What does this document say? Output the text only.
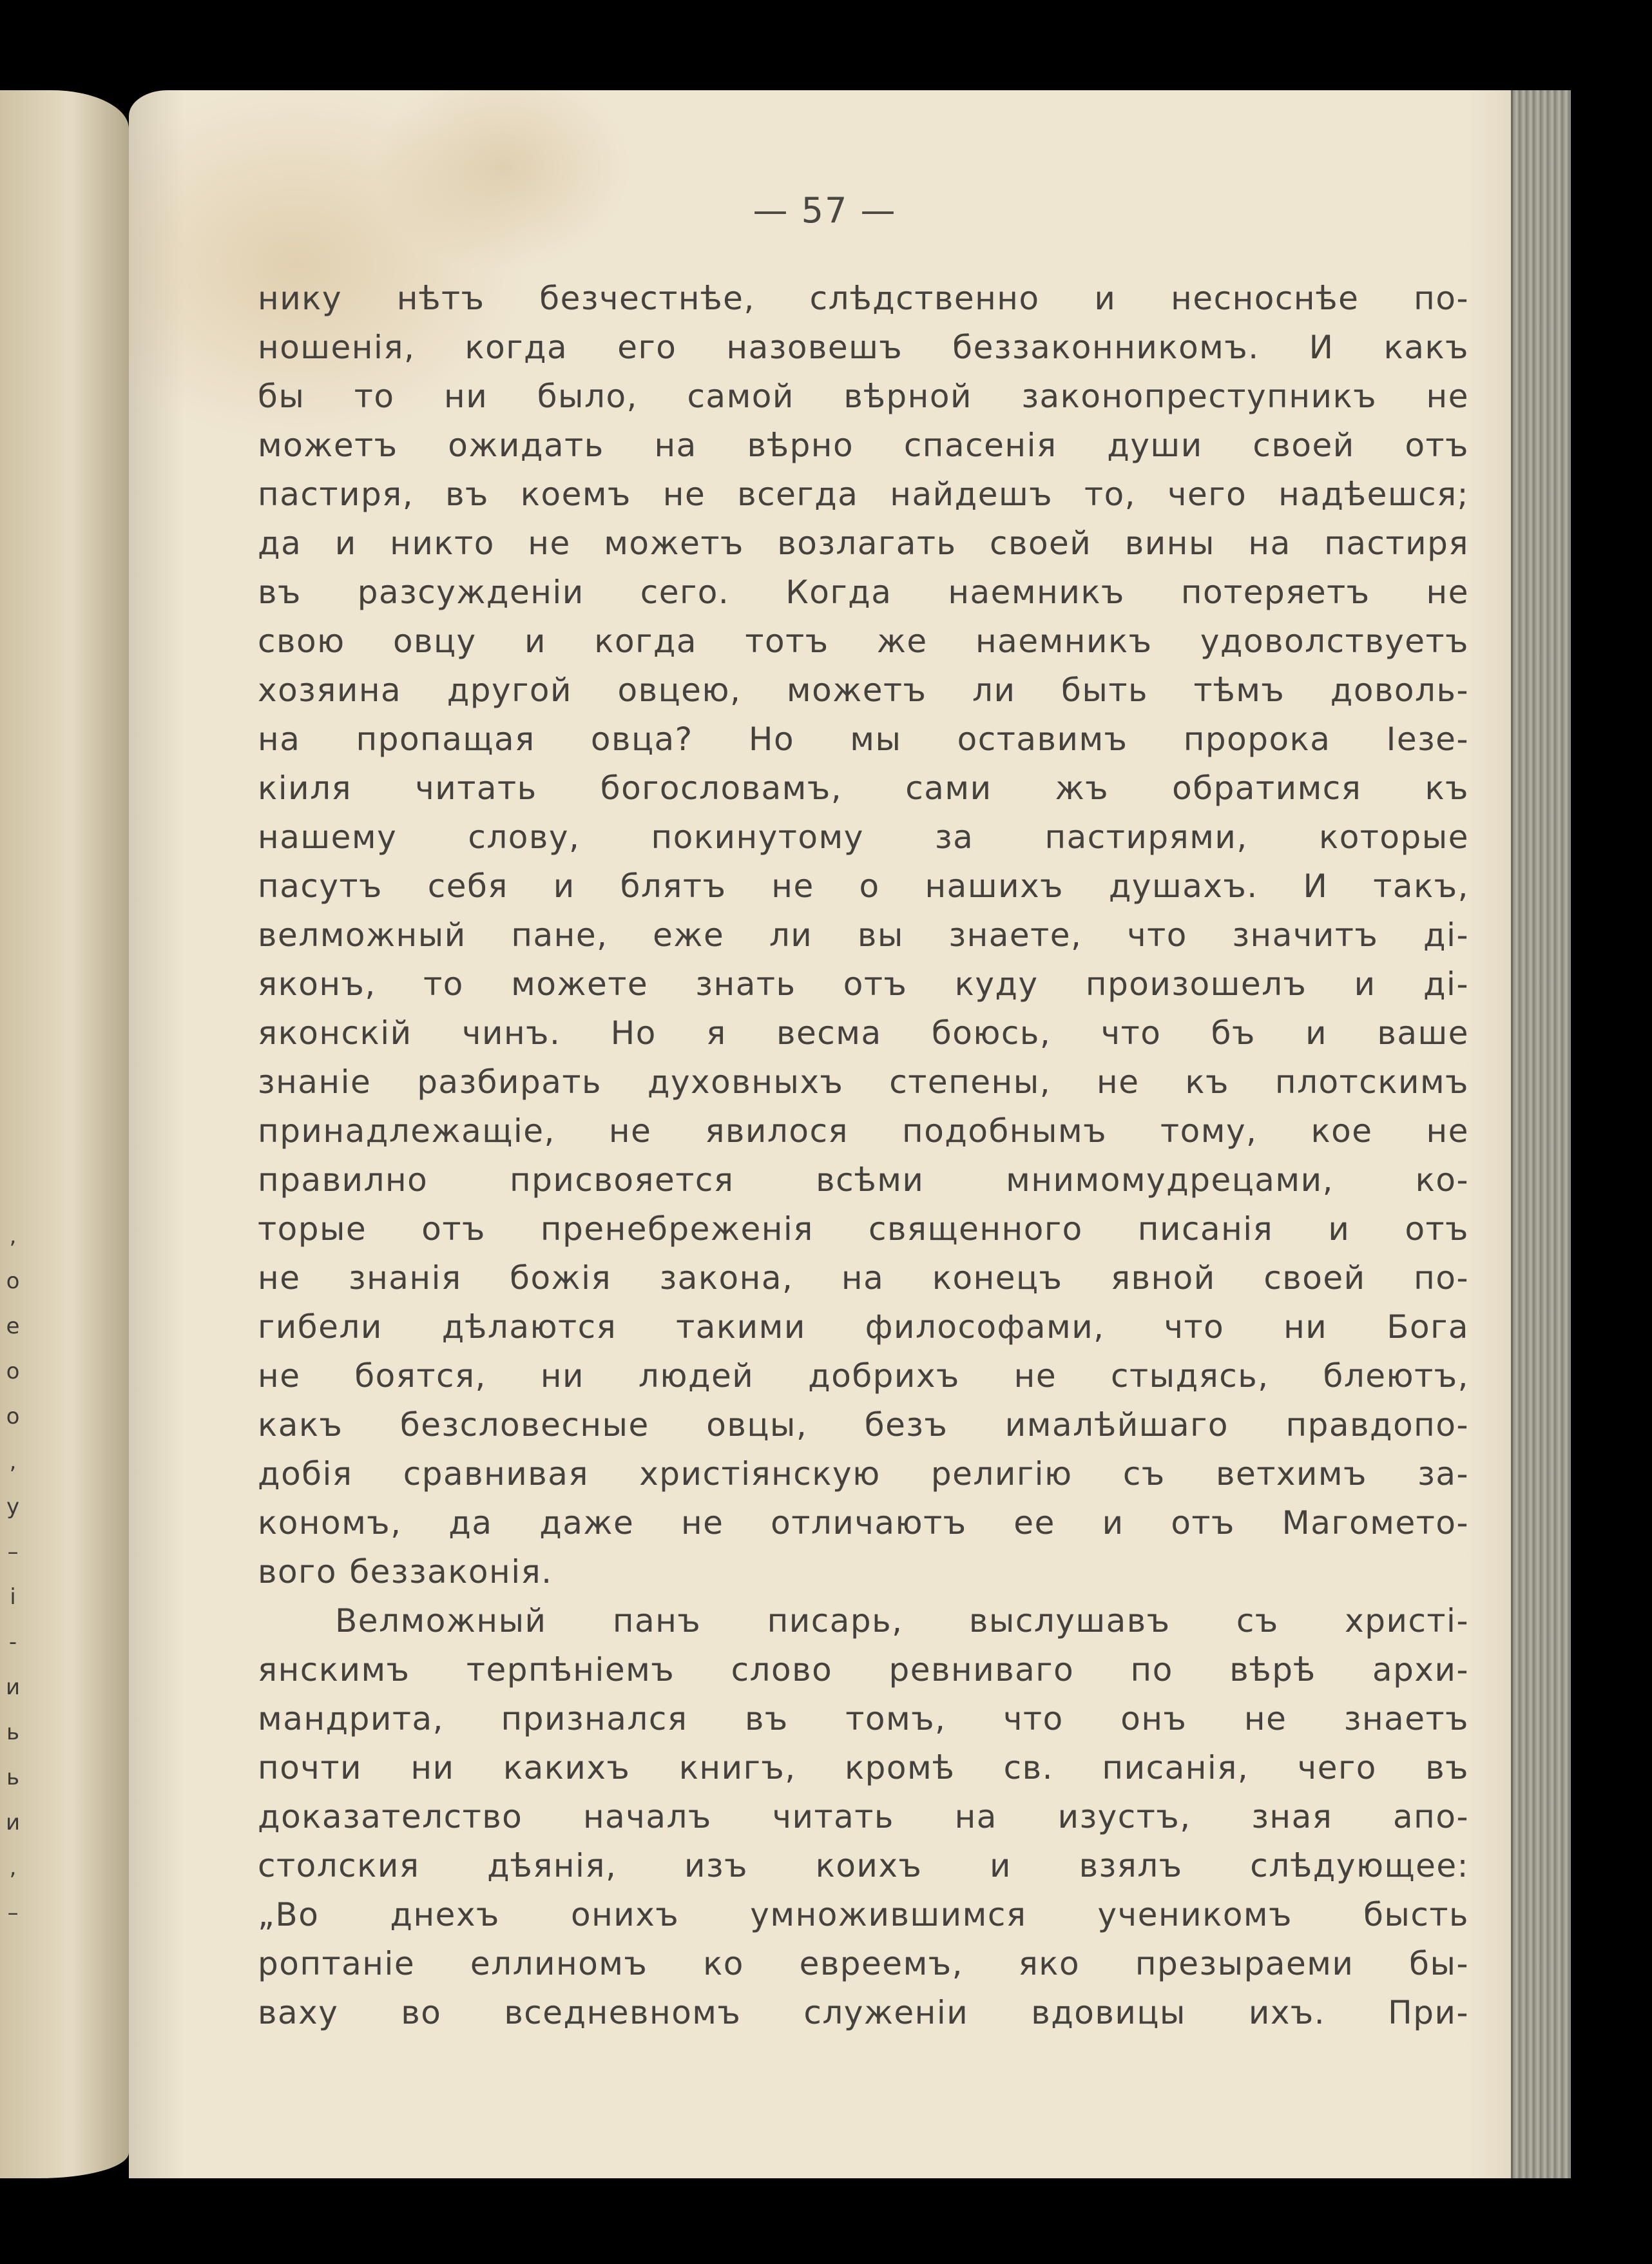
,
о
е
о
о
,
у
–
і
-
и
ь
ь
и
,
–
— 57 —
нику нѣтъ безчестнѣе, слѣдственно и несноснѣе по-
ношенія, когда его назовешъ беззаконникомъ. И какъ
бы то ни было, самой вѣрной законопреступникъ не
можетъ ожидать на вѣрно спасенія души своей отъ
пастиря, въ коемъ не всегда найдешъ то, чего надѣешся;
да и никто не можетъ возлагать своей вины на пастиря
въ разсужденіи сего. Когда наемникъ потеряетъ не
свою овцу и когда тотъ же наемникъ удоволствуетъ
хозяина другой овцею, можетъ ли быть тѣмъ доволь-
на пропащая овца? Но мы оставимъ пророка Іезе-
кіиля читать богословамъ, сами жъ обратимся къ
нашему слову, покинутому за пастирями, которые
пасутъ себя и блятъ не о нашихъ душахъ. И такъ,
велможный пане, еже ли вы знаете, что значитъ ді-
яконъ, то можете знать отъ куду произошелъ и ді-
яконскій чинъ. Но я весма боюсь, что бъ и ваше
знаніе разбирать духовныхъ степены, не къ плотскимъ
принадлежащіе, не явилося подобнымъ тому, кое не
правилно присвояется всѣми мнимомудрецами, ко-
торые отъ пренебреженія священного писанія и отъ
не знанія божія закона, на конецъ явной своей по-
гибели дѣлаются такими философами, что ни Бога
не боятся, ни людей добрихъ не стыдясь, блеютъ,
какъ безсловесные овцы, безъ ималѣйшаго правдопо-
добія сравнивая христіянскую религію съ ветхимъ за-
кономъ, да даже не отличаютъ ее и отъ Магомето-
вого беззаконія.
Велможный панъ писарь, выслушавъ съ христі-
янскимъ терпѣніемъ слово ревниваго по вѣрѣ архи-
мандрита, признался въ томъ, что онъ не знаетъ
почти ни какихъ книгъ, кромѣ св. писанія, чего въ
доказателство началъ читать на изустъ, зная апо-
столския дѣянія, изъ коихъ и взялъ слѣдующее:
„Во днехъ онихъ умножившимся ученикомъ бысть
роптаніе еллиномъ ко евреемъ, яко презыраеми бы-
ваху во вседневномъ служеніи вдовицы ихъ. При-
